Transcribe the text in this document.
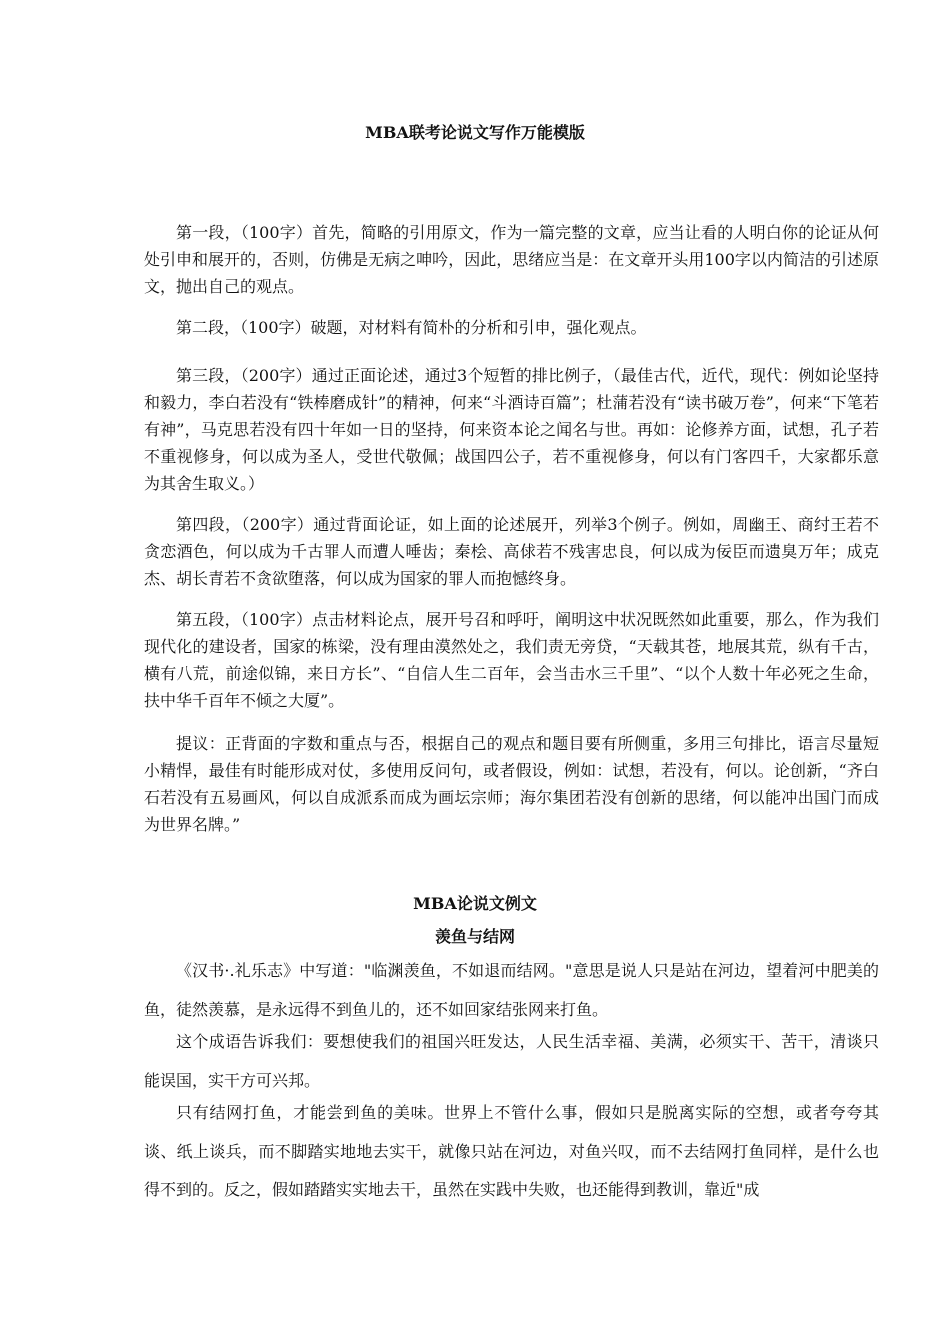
MBA联考论说文写作万能模版

第一段，（100字）首先，简略的引用原文，作为一篇完整的文章，应当让看的人明白你的论证从何处引申和展开的，否则，仿佛是无病之呻吟，因此，思绪应当是：在文章开头用100字以内简洁的引述原文，抛出自己的观点。

第二段，（100字）破题，对材料有简朴的分析和引申，强化观点。

第三段，（200字）通过正面论述，通过3个短暂的排比例子，（最佳古代，近代，现代：例如论坚持和毅力，李白若没有“铁棒磨成针”的精神，何来“斗酒诗百篇”；杜蒲若没有“读书破万卷”，何来“下笔若有神”，马克思若没有四十年如一日的坚持，何来资本论之闻名与世。再如：论修养方面，试想，孔子若不重视修身，何以成为圣人，受世代敬佩；战国四公子，若不重视修身，何以有门客四千，大家都乐意为其舍生取义。）

第四段，（200字）通过背面论证，如上面的论述展开，列举3个例子。例如，周幽王、商纣王若不贪恋酒色，何以成为千古罪人而遭人唾齿；秦桧、高俅若不残害忠良，何以成为佞臣而遗臭万年；成克杰、胡长青若不贪欲堕落，何以成为国家的罪人而抱憾终身。

第五段，（100字）点击材料论点，展开号召和呼吁，阐明这中状况既然如此重要，那么，作为我们现代化的建设者，国家的栋梁，没有理由漠然处之，我们责无旁贷，“天载其苍，地展其荒，纵有千古，横有八荒，前途似锦，来日方长”、“自信人生二百年，会当击水三千里”、“以个人数十年必死之生命，扶中华千百年不倾之大厦”。

提议：正背面的字数和重点与否，根据自己的观点和题目要有所侧重，多用三句排比，语言尽量短小精悍，最佳有时能形成对仗，多使用反问句，或者假设，例如：试想，若没有，何以。论创新，“齐白石若没有五易画风，何以自成派系而成为画坛宗师；海尔集团若没有创新的思绪，何以能冲出国门而成为世界名牌。”

MBA论说文例文
羡鱼与结网

《汉书·.礼乐志》中写道："临渊羡鱼，不如退而结网。"意思是说人只是站在河边，望着河中肥美的鱼，徒然羡慕，是永远得不到鱼儿的，还不如回家结张网来打鱼。

这个成语告诉我们：要想使我们的祖国兴旺发达，人民生活幸福、美满，必须实干、苦干，清谈只能误国，实干方可兴邦。

只有结网打鱼，才能尝到鱼的美味。世界上不管什么事，假如只是脱离实际的空想，或者夸夸其谈、纸上谈兵，而不脚踏实地地去实干，就像只站在河边，对鱼兴叹，而不去结网打鱼同样，是什么也得不到的。反之，假如踏踏实实地去干，虽然在实践中失败，也还能得到教训，靠近"成
